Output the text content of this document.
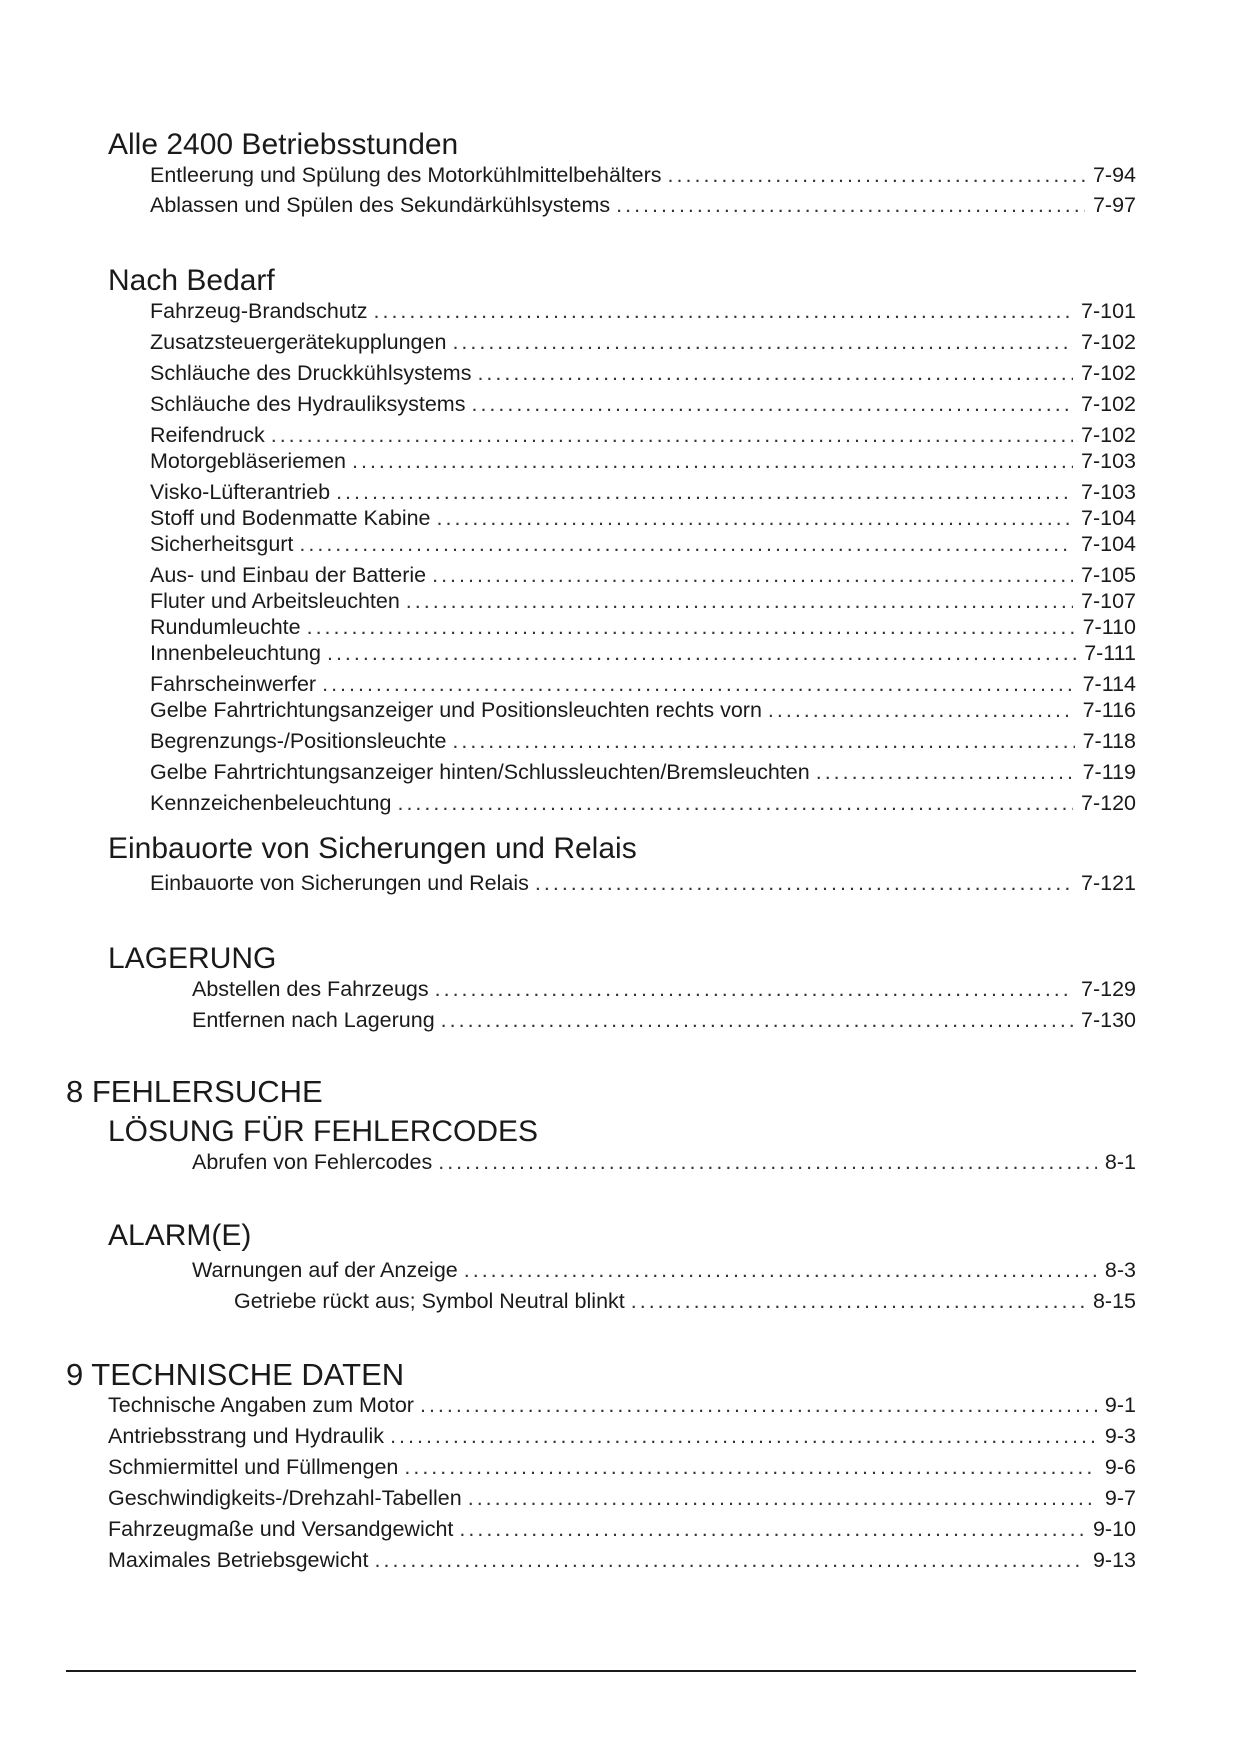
Alle 2400 Betriebsstunden
Entleerung und Spülung des Motorkühlmittelbehälters .....	7-94
Ablassen und Spülen des Sekundärkühlsystems .....	7-97
Nach Bedarf
Fahrzeug-Brandschutz .....	7-101
Zusatzsteuergerätekupplungen .....	7-102
Schläuche des Druckkühlsystems .....	7-102
Schläuche des Hydrauliksystems .....	7-102
Reifendruck .....	7-102
Motorgebläseriemen .....	7-103
Visko-Lüfterantrieb .....	7-103
Stoff und Bodenmatte Kabine .....	7-104
Sicherheitsgurt .....	7-104
Aus- und Einbau der Batterie .....	7-105
Fluter und Arbeitsleuchten .....	7-107
Rundumleuchte .....	7-110
Innenbeleuchtung .....	7-111
Fahrscheinwerfer .....	7-114
Gelbe Fahrtrichtungsanzeiger und Positionsleuchten rechts vorn .....	7-116
Begrenzungs-/Positionsleuchte .....	7-118
Gelbe Fahrtrichtungsanzeiger hinten/Schlussleuchten/Bremsleuchten .....	7-119
Kennzeichenbeleuchtung .....	7-120
Einbauorte von Sicherungen und Relais
Einbauorte von Sicherungen und Relais .....	7-121
LAGERUNG
Abstellen des Fahrzeugs .....	7-129
Entfernen nach Lagerung .....	7-130
8 FEHLERSUCHE
LÖSUNG FÜR FEHLERCODES
Abrufen von Fehlercodes .....	8-1
ALARM(E)
Warnungen auf der Anzeige .....	8-3
Getriebe rückt aus; Symbol Neutral blinkt .....	8-15
9 TECHNISCHE DATEN
Technische Angaben zum Motor .....	9-1
Antriebsstrang und Hydraulik .....	9-3
Schmiermittel und Füllmengen .....	9-6
Geschwindigkeits-/Drehzahl-Tabellen .....	9-7
Fahrzeugmaße und Versandgewicht .....	9-10
Maximales Betriebsgewicht .....	9-13
